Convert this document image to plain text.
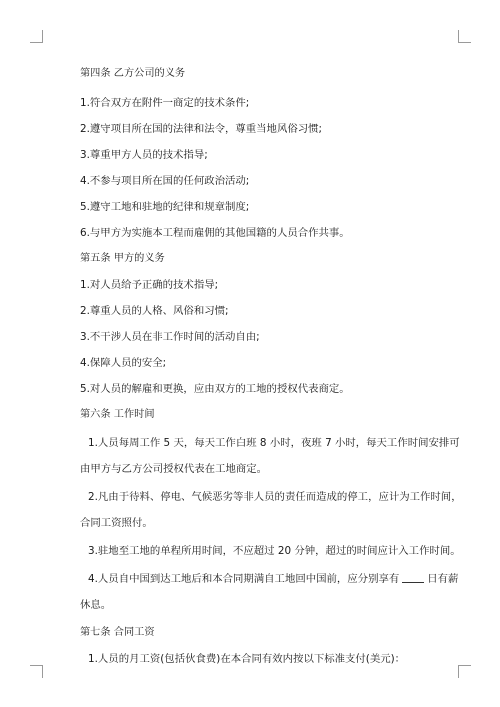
第四条 乙方公司的义务
1.符合双方在附件一商定的技术条件;
2.遵守项目所在国的法律和法令，尊重当地风俗习惯;
3.尊重甲方人员的技术指导;
4.不参与项目所在国的任何政治活动;
5.遵守工地和驻地的纪律和规章制度;
6.与甲方为实施本工程而雇佣的其他国籍的人员合作共事。
第五条 甲方的义务
1.对人员给予正确的技术指导;
2.尊重人员的人格、风俗和习惯;
3.不干涉人员在非工作时间的活动自由;
4.保障人员的安全;
5.对人员的解雇和更换，应由双方的工地的授权代表商定。
第六条 工作时间
1.人员每周工作 5 天，每天工作白班 8 小时，夜班 7 小时，每天工作时间安排可
由甲方与乙方公司授权代表在工地商定。
2.凡由于待料、停电、气候恶劣等非人员的责任而造成的停工，应计为工作时间，
合同工资照付。
3.驻地至工地的单程所用时间，不应超过 20 分钟，超过的时间应计入工作时间。
4.人员自中国到达工地后和本合同期满自工地回中国前，应分别享有	日有薪
休息。
第七条 合同工资
1.人员的月工资(包括伙食费)在本合同有效内按以下标准支付(美元)：
